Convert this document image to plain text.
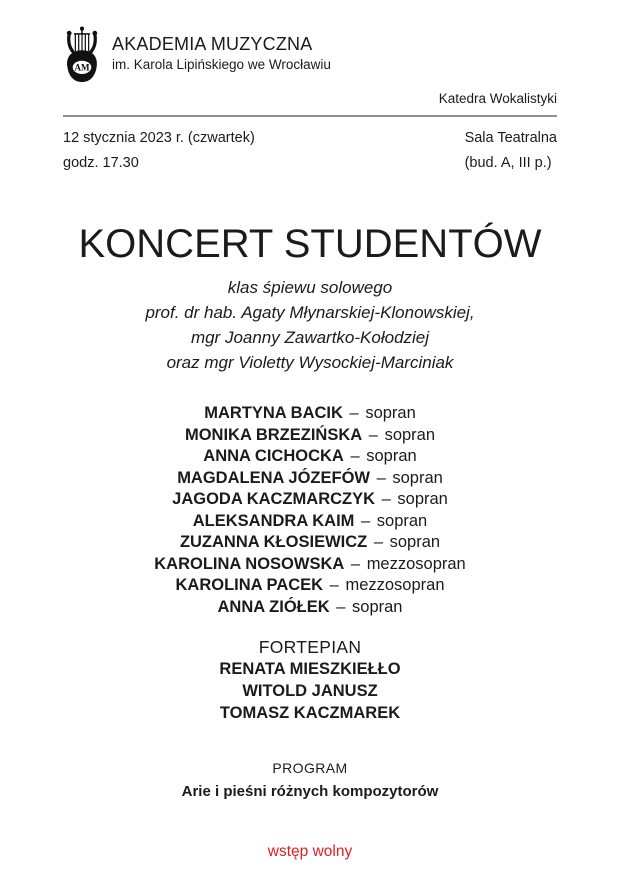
AM
AKADEMIA MUZYCZNA
im. Karola Lipińskiego we Wrocławiu
Katedra Wokalistyki
12 stycznia 2023 r. (czwartek)
godz. 17.30
Sala Teatralna
(bud. A, III p.)
KONCERT STUDENTÓW
klas śpiewu solowego
prof. dr hab. Agaty Młynarskiej-Klonowskiej,
mgr Joanny Zawartko-Kołodziej
oraz mgr Violetty Wysockiej-Marciniak
MARTYNA BACIK – sopran
MONIKA BRZEZIŃSKA – sopran
ANNA CICHOCKA – sopran
MAGDALENA JÓZEFÓW – sopran
JAGODA KACZMARCZYK – sopran
ALEKSANDRA KAIM – sopran
ZUZANNA KŁOSIEWICZ – sopran
KAROLINA NOSOWSKA – mezzosopran
KAROLINA PACEK – mezzosopran
ANNA ZIÓŁEK – sopran
FORTEPIAN
RENATA MIESZKIEŁŁO
WITOLD JANUSZ
TOMASZ KACZMAREK
PROGRAM
Arie i pieśni różnych kompozytorów
wstęp wolny
